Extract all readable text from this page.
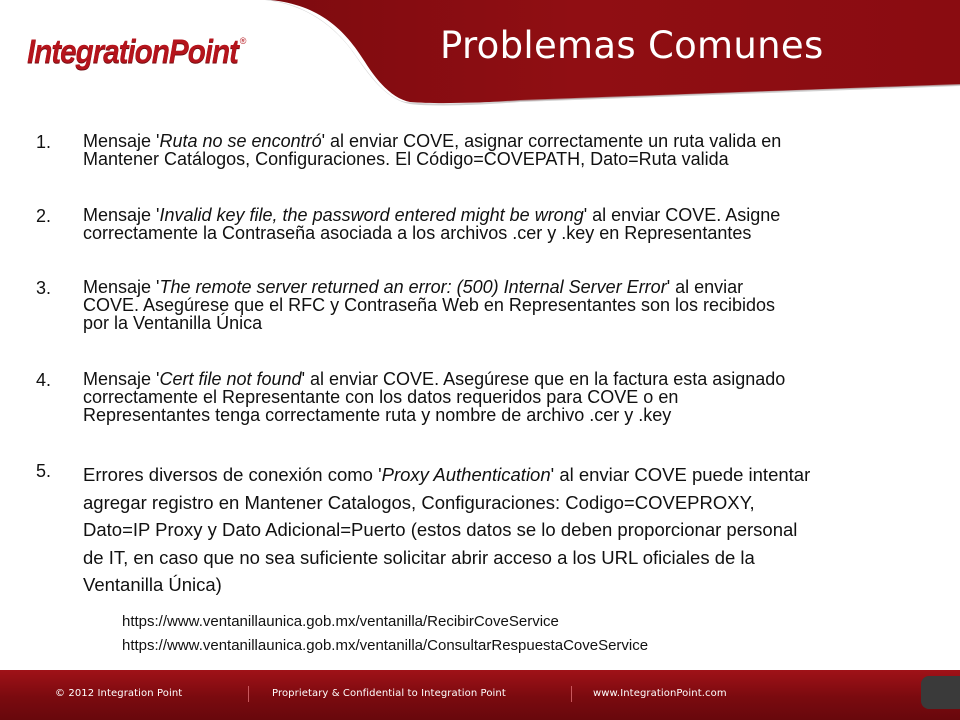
IntegrationPoint ®	Problemas Comunes
1. Mensaje 'Ruta no se encontró' al enviar COVE, asignar correctamente un ruta valida en
Mantener Catálogos, Configuraciones. El Código=COVEPATH, Dato=Ruta valida
2. Mensaje 'Invalid key file, the password entered might be wrong' al enviar COVE. Asigne
correctamente la Contraseña asociada a los archivos .cer y .key en Representantes
3. Mensaje 'The remote server returned an error: (500) Internal Server Error' al enviar
COVE. Asegúrese que el RFC y Contraseña Web en Representantes son los recibidos
por la Ventanilla Única
4. Mensaje 'Cert file not found' al enviar COVE. Asegúrese que en la factura esta asignado
correctamente el Representante con los datos requeridos para COVE o en
Representantes tenga correctamente ruta y nombre de archivo .cer y .key
5. Errores diversos de conexión como 'Proxy Authentication' al enviar COVE puede intentar
agregar registro en Mantener Catalogos, Configuraciones: Codigo=COVEPROXY,
Dato=IP Proxy y Dato Adicional=Puerto (estos datos se lo deben proporcionar personal
de IT, en caso que no sea suficiente solicitar abrir acceso a los URL oficiales de la
Ventanilla Única)
https://www.ventanillaunica.gob.mx/ventanilla/RecibirCoveService
https://www.ventanillaunica.gob.mx/ventanilla/ConsultarRespuestaCoveService
© 2012 Integration Point	Proprietary & Confidential to Integration Point	www.IntegrationPoint.com
